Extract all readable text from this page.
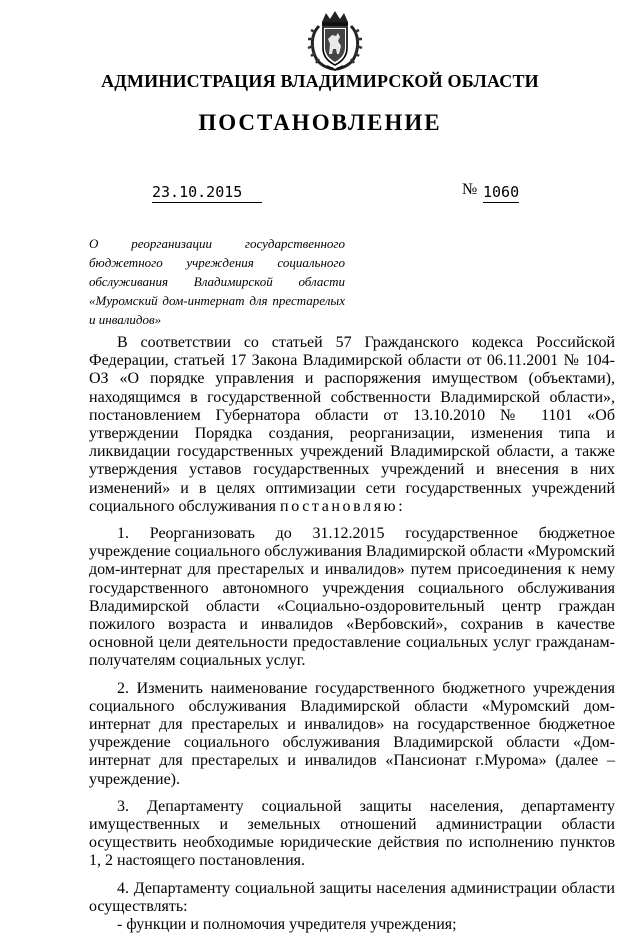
АДМИНИСТРАЦИЯ ВЛАДИМИРСКОЙ ОБЛАСТИ
ПОСТАНОВЛЕНИЕ
23.10.2015	№ 1060
О реорганизации государственного
бюджетного учреждения социального
обслуживания Владимирской области
«Муромский дом-интернат для престарелых
и инвалидов»

В соответствии со статьей 57 Гражданского кодекса Российской Федерации, статьей 17 Закона Владимирской области от 06.11.2001 № 104-ОЗ «О порядке управления и распоряжения имуществом (объектами), находящимся в государственной собственности Владимирской области», постановлением Губернатора области от 13.10.2010 № 1101 «Об утверждении Порядка создания, реорганизации, изменения типа и ликвидации государственных учреждений Владимирской области, а также утверждения уставов государственных учреждений и внесения в них изменений» и в целях оптимизации сети государственных учреждений социального обслуживания постановляю:

1. Реорганизовать до 31.12.2015 государственное бюджетное учреждение социального обслуживания Владимирской области «Муромский дом-интернат для престарелых и инвалидов» путем присоединения к нему государственного автономного учреждения социального обслуживания Владимирской области «Социально-оздоровительный центр граждан пожилого возраста и инвалидов «Вербовский», сохранив в качестве основной цели деятельности предоставление социальных услуг гражданам-получателям социальных услуг.

2. Изменить наименование государственного бюджетного учреждения социального обслуживания Владимирской области «Муромский дом-интернат для престарелых и инвалидов» на государственное бюджетное учреждение социального обслуживания Владимирской области «Дом-интернат для престарелых и инвалидов «Пансионат г.Мурома» (далее – учреждение).

3. Департаменту социальной защиты населения, департаменту имущественных и земельных отношений администрации области осуществить необходимые юридические действия по исполнению пунктов 1, 2 настоящего постановления.

4. Департаменту социальной защиты населения администрации области осуществлять:

- функции и полномочия учредителя учреждения;
